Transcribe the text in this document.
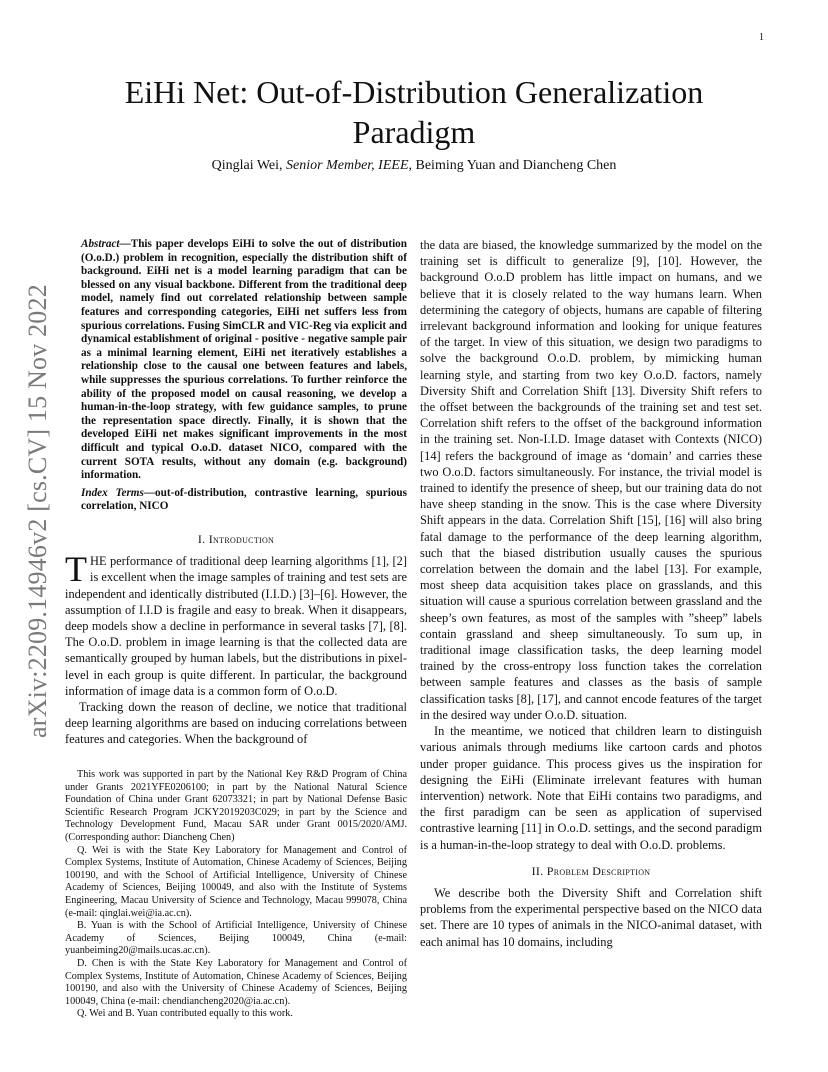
1
arXiv:2209.14946v2 [cs.CV] 15 Nov 2022
EiHi Net: Out-of-Distribution Generalization Paradigm
Qinglai Wei, Senior Member, IEEE, Beiming Yuan and Diancheng Chen

Abstract—This paper develops EiHi to solve the out of distribution (O.o.D.) problem in recognition, especially the distribution shift of background. EiHi net is a model learning paradigm that can be blessed on any visual backbone. Different from the traditional deep model, namely find out correlated relationship between sample features and corresponding categories, EiHi net suffers less from spurious correlations. Fusing SimCLR and VIC-Reg via explicit and dynamical establishment of original - positive - negative sample pair as a minimal learning element, EiHi net iteratively establishes a relationship close to the causal one between features and labels, while suppresses the spurious correlations. To further reinforce the ability of the proposed model on causal reasoning, we develop a human-in-the-loop strategy, with few guidance samples, to prune the representation space directly. Finally, it is shown that the developed EiHi net makes significant improvements in the most difficult and typical O.o.D. dataset NICO, compared with the current SOTA results, without any domain (e.g. background) information.

Index Terms—out-of-distribution, contrastive learning, spurious correlation, NICO

I. Introduction

THE performance of traditional deep learning algorithms [1], [2] is excellent when the image samples of training and test sets are independent and identically distributed (I.I.D.) [3]–[6]. However, the assumption of I.I.D is fragile and easy to break. When it disappears, deep models show a decline in performance in several tasks [7], [8]. The O.o.D. problem in image learning is that the collected data are semantically grouped by human labels, but the distributions in pixel-level in each group is quite different. In particular, the background information of image data is a common form of O.o.D.

Tracking down the reason of decline, we notice that traditional deep learning algorithms are based on inducing correlations between features and categories. When the background of

This work was supported in part by the National Key R&D Program of China under Grants 2021YFE0206100; in part by the National Natural Science Foundation of China under Grant 62073321; in part by National Defense Basic Scientific Research Program JCKY2019203C029; in part by the Science and Technology Development Fund, Macau SAR under Grant 0015/2020/AMJ. (Corresponding author: Diancheng Chen)

Q. Wei is with the State Key Laboratory for Management and Control of Complex Systems, Institute of Automation, Chinese Academy of Sciences, Beijing 100190, and with the School of Artificial Intelligence, University of Chinese Academy of Sciences, Beijing 100049, and also with the Institute of Systems Engineering, Macau University of Science and Technology, Macau 999078, China (e-mail: qinglai.wei@ia.ac.cn).

B. Yuan is with the School of Artificial Intelligence, University of Chinese Academy of Sciences, Beijing 100049, China (e-mail: yuanbeiming20@mails.ucas.ac.cn).

D. Chen is with the State Key Laboratory for Management and Control of Complex Systems, Institute of Automation, Chinese Academy of Sciences, Beijing 100190, and also with the University of Chinese Academy of Sciences, Beijing 100049, China (e-mail: chendiancheng2020@ia.ac.cn).

Q. Wei and B. Yuan contributed equally to this work.

the data are biased, the knowledge summarized by the model on the training set is difficult to generalize [9], [10]. However, the background O.o.D problem has little impact on humans, and we believe that it is closely related to the way humans learn. When determining the category of objects, humans are capable of filtering irrelevant background information and looking for unique features of the target. In view of this situation, we design two paradigms to solve the background O.o.D. problem, by mimicking human learning style, and starting from two key O.o.D. factors, namely Diversity Shift and Correlation Shift [13]. Diversity Shift refers to the offset between the backgrounds of the training set and test set. Correlation shift refers to the offset of the background information in the training set. Non-I.I.D. Image dataset with Contexts (NICO) [14] refers the background of image as ‘domain’ and carries these two O.o.D. factors simultaneously. For instance, the trivial model is trained to identify the presence of sheep, but our training data do not have sheep standing in the snow. This is the case where Diversity Shift appears in the data. Correlation Shift [15], [16] will also bring fatal damage to the performance of the deep learning algorithm, such that the biased distribution usually causes the spurious correlation between the domain and the label [13]. For example, most sheep data acquisition takes place on grasslands, and this situation will cause a spurious correlation between grassland and the sheep’s own features, as most of the samples with ”sheep” labels contain grassland and sheep simultaneously. To sum up, in traditional image classification tasks, the deep learning model trained by the cross-entropy loss function takes the correlation between sample features and classes as the basis of sample classification tasks [8], [17], and cannot encode features of the target in the desired way under O.o.D. situation.

In the meantime, we noticed that children learn to distinguish various animals through mediums like cartoon cards and photos under proper guidance. This process gives us the inspiration for designing the EiHi (Eliminate irrelevant features with human intervention) network. Note that EiHi contains two paradigms, and the first paradigm can be seen as application of supervised contrastive learning [11] in O.o.D. settings, and the second paradigm is a human-in-the-loop strategy to deal with O.o.D. problems.

II. Problem Description

We describe both the Diversity Shift and Correlation shift problems from the experimental perspective based on the NICO data set. There are 10 types of animals in the NICO-animal dataset, with each animal has 10 domains, including
